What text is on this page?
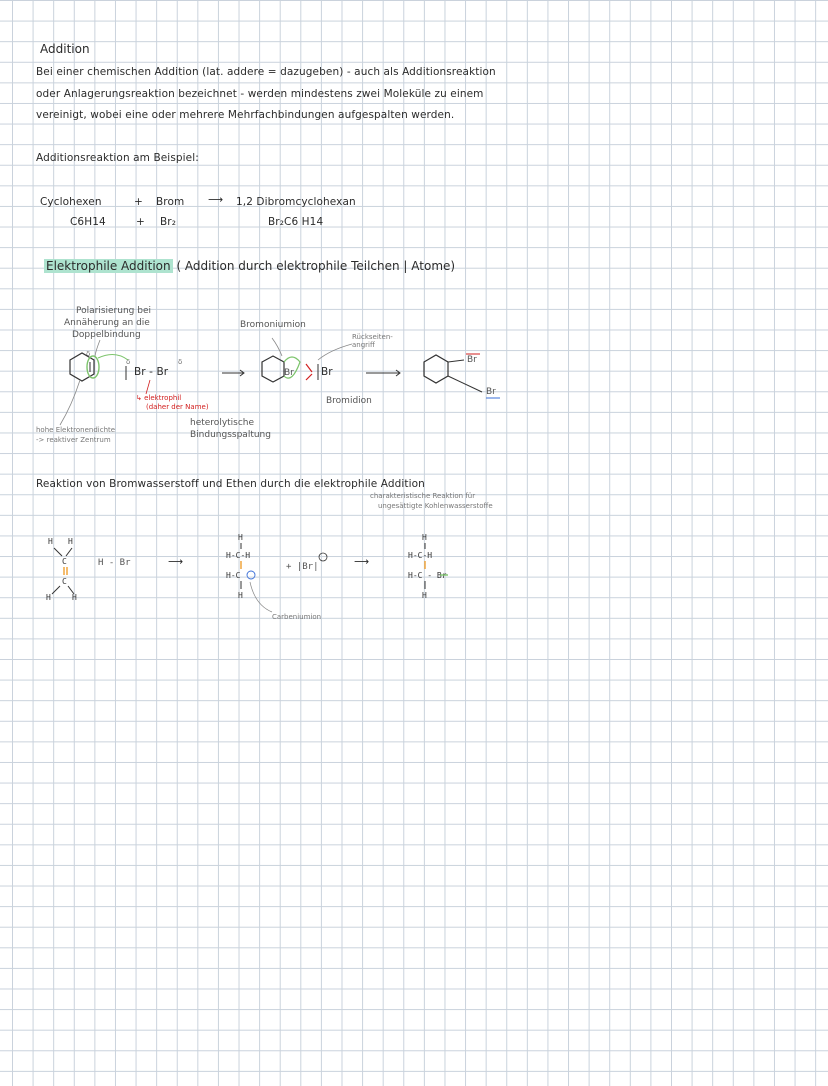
Addition
Bei einer chemischen Addition (lat. addere = dazugeben) - auch als Additionsreaktion
oder Anlagerungsreaktion bezeichnet - werden mindestens zwei Moleküle zu einem
vereinigt, wobei eine oder mehrere Mehrfachbindungen aufgespalten werden.
Additionsreaktion am Beispiel:
Cyclohexen	+ Brom ⟶ 1,2 Dibromcyclohexan
C6H14	+ Br₂	Br₂C6 H14
Elektrophile Addition ( Addition durch elektrophile Teilchen | Atome)
Polarisierung bei
Annäherung an die
Doppelbindung
Bromoniumion
Rückseiten-
angriff
↳ elektrophil
(daher der Name)
hohe Elektronendichte
-> reaktiver Zentrum
heterolytische
Bindungsspaltung
Bromidion
Br - Br	Br	Br
Br
Br
δ
δ	δ
Reaktion von Bromwasserstoff und Ethen durch die elektrophile Addition
charakteristische Reaktion für
ungesättigte Kohlenwasserstoffe
H - Br
Carbeniumion
+ |Br|
⟶	⟶
H H
C
C
H	H
H
H-C-H
H-C
H
H
H-C-H
H-C - Br
H
